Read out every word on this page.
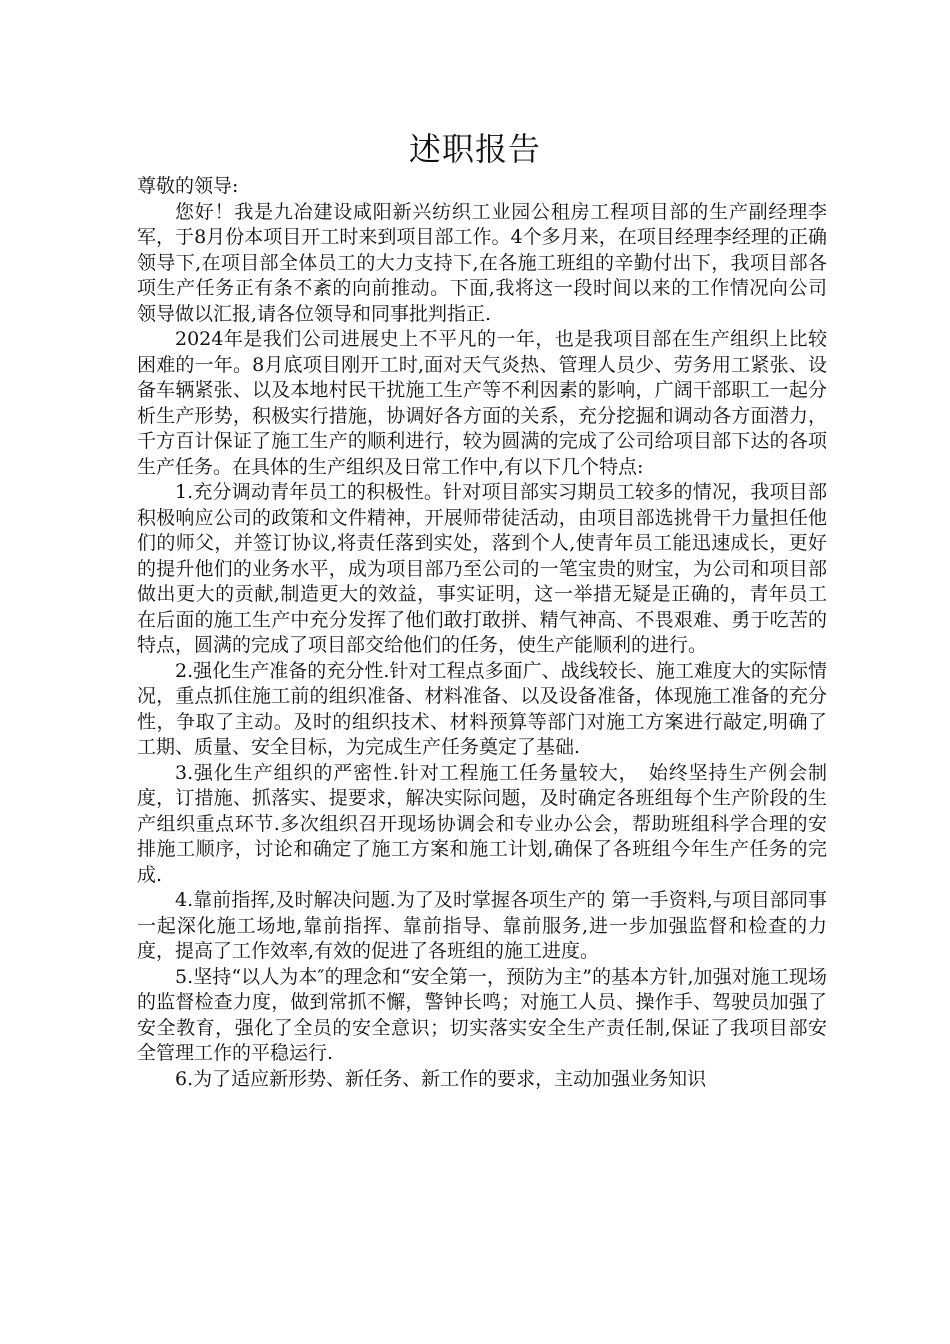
述职报告

尊敬的领导:

您好！我是九冶建设咸阳新兴纺织工业园公租房工程项目部的生产副经理李军，于8月份本项目开工时来到项目部工作。4个多月来，在项目经理李经理的正确领导下,在项目部全体员工的大力支持下,在各施工班组的辛勤付出下，我项目部各项生产任务正有条不紊的向前推动。下面,我将这一段时间以来的工作情况向公司领导做以汇报,请各位领导和同事批判指正.

2024年是我们公司进展史上不平凡的一年，也是我项目部在生产组织上比较困难的一年。8月底项目刚开工时,面对天气炎热、管理人员少、劳务用工紧张、设备车辆紧张、以及本地村民干扰施工生产等不利因素的影响，广阔干部职工一起分析生产形势，积极实行措施，协调好各方面的关系，充分挖掘和调动各方面潜力，千方百计保证了施工生产的顺利进行，较为圆满的完成了公司给项目部下达的各项生产任务。在具体的生产组织及日常工作中,有以下几个特点:

1.充分调动青年员工的积极性。针对项目部实习期员工较多的情况，我项目部积极响应公司的政策和文件精神，开展师带徒活动，由项目部选挑骨干力量担任他们的师父，并签订协议,将责任落到实处，落到个人,使青年员工能迅速成长，更好的提升他们的业务水平，成为项目部乃至公司的一笔宝贵的财宝，为公司和项目部做出更大的贡献,制造更大的效益，事实证明，这一举措无疑是正确的，青年员工在后面的施工生产中充分发挥了他们敢打敢拼、精气神高、不畏艰难、勇于吃苦的特点，圆满的完成了项目部交给他们的任务，使生产能顺利的进行。

2.强化生产准备的充分性.针对工程点多面广、战线较长、施工难度大的实际情况，重点抓住施工前的组织准备、材料准备、以及设备准备，体现施工准备的充分性，争取了主动。及时的组织技术、材料预算等部门对施工方案进行敲定,明确了工期、质量、安全目标，为完成生产任务奠定了基础.

3.强化生产组织的严密性.针对工程施工任务量较大，　始终坚持生产例会制度，订措施、抓落实、提要求，解决实际问题，及时确定各班组每个生产阶段的生产组织重点环节.多次组织召开现场协调会和专业办公会，帮助班组科学合理的安排施工顺序，讨论和确定了施工方案和施工计划,确保了各班组今年生产任务的完成.

4.靠前指挥,及时解决问题.为了及时掌握各项生产的 第一手资料,与项目部同事一起深化施工场地,靠前指挥、靠前指导、靠前服务,进一步加强监督和检查的力度，提高了工作效率,有效的促进了各班组的施工进度。

5.坚持“以人为本″的理念和“安全第一，预防为主”的基本方针,加强对施工现场的监督检查力度，做到常抓不懈，警钟长鸣；对施工人员、操作手、驾驶员加强了安全教育，强化了全员的安全意识；切实落实安全生产责任制,保证了我项目部安全管理工作的平稳运行.

6.为了适应新形势、新任务、新工作的要求，主动加强业务知识
